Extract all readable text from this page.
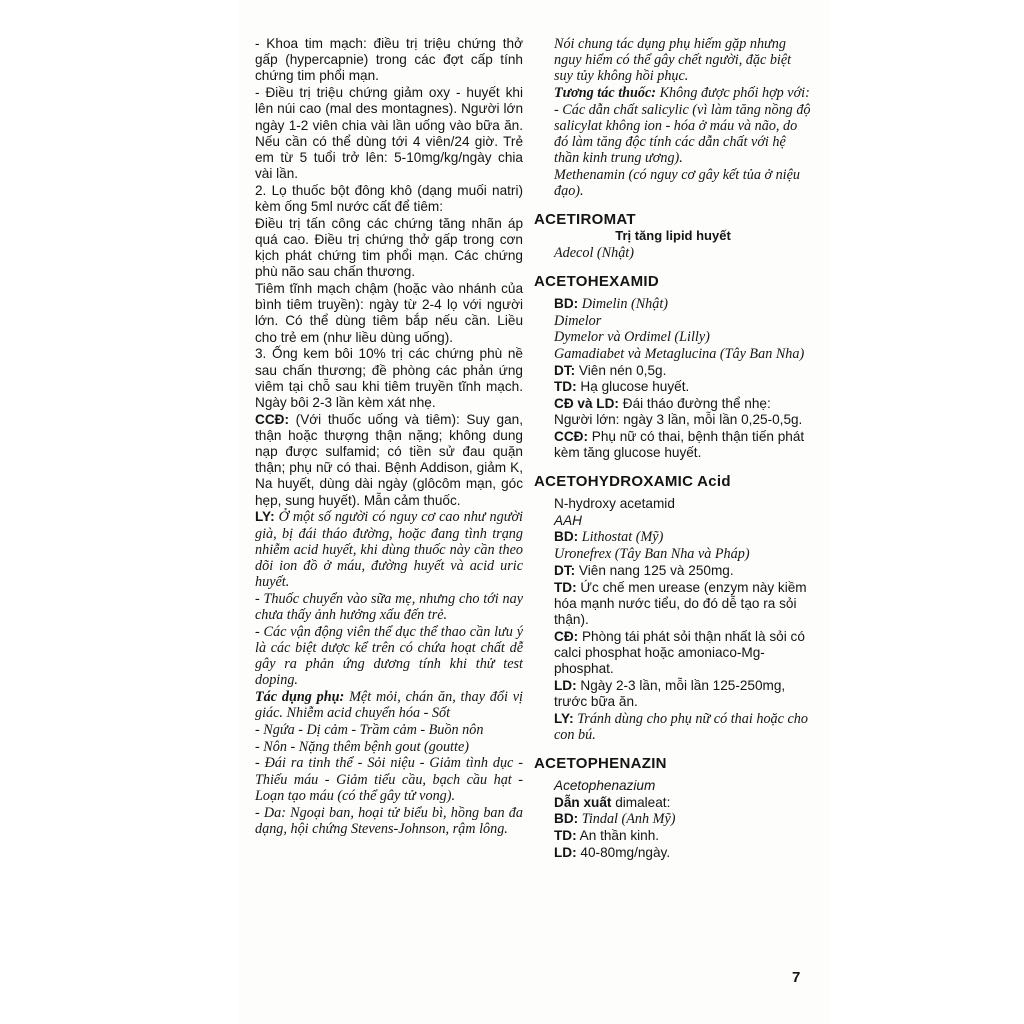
- Khoa tim mạch: điều trị triệu chứng thở gấp (hypercapnie) trong các đợt cấp tính chứng tim phổi mạn.

- Điều trị triệu chứng giảm oxy - huyết khi lên núi cao (mal des montagnes). Người lớn ngày 1-2 viên chia vài lần uống vào bữa ăn. Nếu cần có thể dùng tới 4 viên/24 giờ. Trẻ em từ 5 tuổi trở lên: 5-10mg/kg/ngày chia vài lần.

2. Lọ thuốc bột đông khô (dạng muối natri) kèm ống 5ml nước cất để tiêm:

Điều trị tấn công các chứng tăng nhãn áp quá cao. Điều trị chứng thở gấp trong cơn kịch phát chứng tim phổi mạn. Các chứng phù não sau chấn thương.

Tiêm tĩnh mạch chậm (hoặc vào nhánh của bình tiêm truyền): ngày từ 2-4 lọ với người lớn. Có thể dùng tiêm bắp nếu cần. Liều cho trẻ em (như liều dùng uống).

3. Ống kem bôi 10% trị các chứng phù nề sau chấn thương; đề phòng các phản ứng viêm tại chỗ sau khi tiêm truyền tĩnh mạch. Ngày bôi 2-3 lần kèm xát nhẹ.

CCĐ: (Với thuốc uống và tiêm): Suy gan, thận hoặc thượng thận nặng; không dung nạp được sulfamid; có tiền sử đau quặn thận; phụ nữ có thai. Bệnh Addison, giảm K, Na huyết, dùng dài ngày (glôcôm mạn, góc hẹp, sung huyết). Mẫn cảm thuốc.

LY: Ở một số người có nguy cơ cao như người già, bị đái tháo đường, hoặc đang tình trạng nhiễm acid huyết, khi dùng thuốc này cần theo dõi ion đồ ở máu, đường huyết và acid uric huyết.

- Thuốc chuyển vào sữa mẹ, nhưng cho tới nay chưa thấy ảnh hưởng xấu đến trẻ.

- Các vận động viên thể dục thể thao cần lưu ý là các biệt dược kể trên có chứa hoạt chất dễ gây ra phản ứng dương tính khi thử test doping.

Tác dụng phụ: Mệt mỏi, chán ăn, thay đổi vị giác. Nhiễm acid chuyển hóa - Sốt

- Ngứa - Dị cảm - Trầm cảm - Buồn nôn

- Nôn - Nặng thêm bệnh gout (goutte)

- Đái ra tinh thể - Sỏi niệu - Giảm tình dục - Thiếu máu - Giảm tiểu cầu, bạch cầu hạt - Loạn tạo máu (có thể gây tử vong).

- Da: Ngoại ban, hoại tử biểu bì, hồng ban đa dạng, hội chứng Stevens-Johnson, rậm lông.

Nói chung tác dụng phụ hiếm gặp nhưng nguy hiểm có thể gây chết người, đặc biệt suy tủy không hồi phục.

Tương tác thuốc: Không được phối hợp với:

- Các dẫn chất salicylic (vì làm tăng nồng độ salicylat không ion - hóa ở máu và não, do đó làm tăng độc tính các dẫn chất với hệ thần kinh trung ương).

Methenamin (có nguy cơ gây kết tủa ở niệu đạo).

ACETIROMAT

Trị tăng lipid huyết

Adecol (Nhật)

ACETOHEXAMID

BD: Dimelin (Nhật)

Dimelor

Dymelor và Ordimel (Lilly)

Gamadiabet và Metaglucina (Tây Ban Nha)

DT: Viên nén 0,5g.

TD: Hạ glucose huyết.

CĐ và LD: Đái tháo đường thể nhẹ: Người lớn: ngày 3 lần, mỗi lần 0,25-0,5g.

CCĐ: Phụ nữ có thai, bệnh thận tiến phát kèm tăng glucose huyết.

ACETOHYDROXAMIC Acid

N-hydroxy acetamid

AAH

BD: Lithostat (Mỹ)

Uronefrex (Tây Ban Nha và Pháp)

DT: Viên nang 125 và 250mg.

TD: Ức chế men urease (enzym này kiềm hóa mạnh nước tiểu, do đó dễ tạo ra sỏi thận).

CĐ: Phòng tái phát sỏi thận nhất là sỏi có calci phosphat hoặc amoniaco-Mg-phosphat.

LD: Ngày 2-3 lần, mỗi lần 125-250mg, trước bữa ăn.

LY: Tránh dùng cho phụ nữ có thai hoặc cho con bú.

ACETOPHENAZIN

Acetophenazium

Dẫn xuất dimaleat:

BD: Tindal (Anh Mỹ)

TD: An thần kinh.

LD: 40-80mg/ngày.

7
